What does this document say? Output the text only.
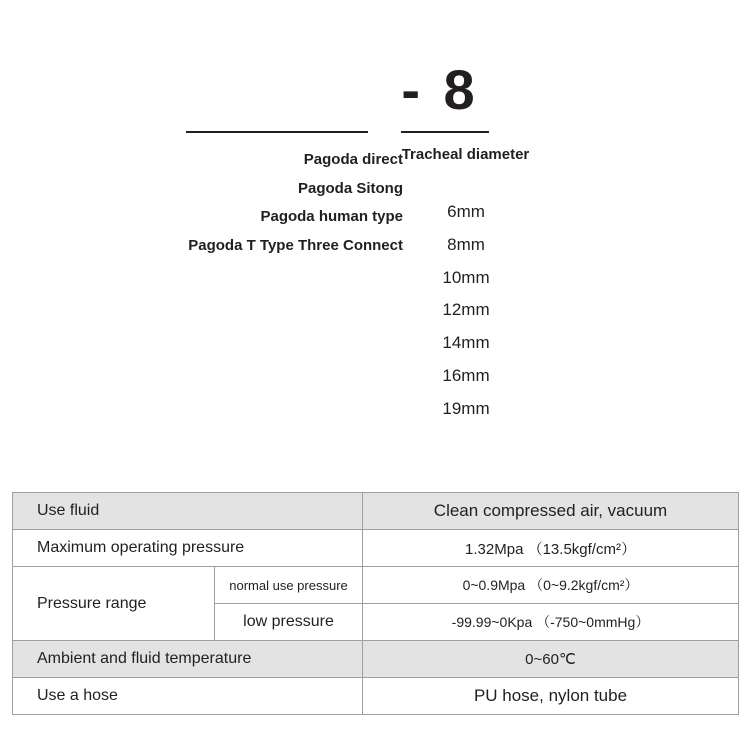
- 8
Tracheal diameter
Pagoda direct
Pagoda Sitong
Pagoda human type
Pagoda T Type Three Connect
6mm
8mm
10mm
12mm
14mm
16mm
19mm
Use fluid		Clean compressed air, vacuum
Maximum operating pressure		1.32Mpa （13.5kgf/cm²）
Pressure range	normal use pressure	0~0.9Mpa （0~9.2kgf/cm²）
	low pressure	-99.99~0Kpa （-750~0mmHg）
Ambient and fluid temperature		0~60℃
Use a hose		PU hose, nylon tube
